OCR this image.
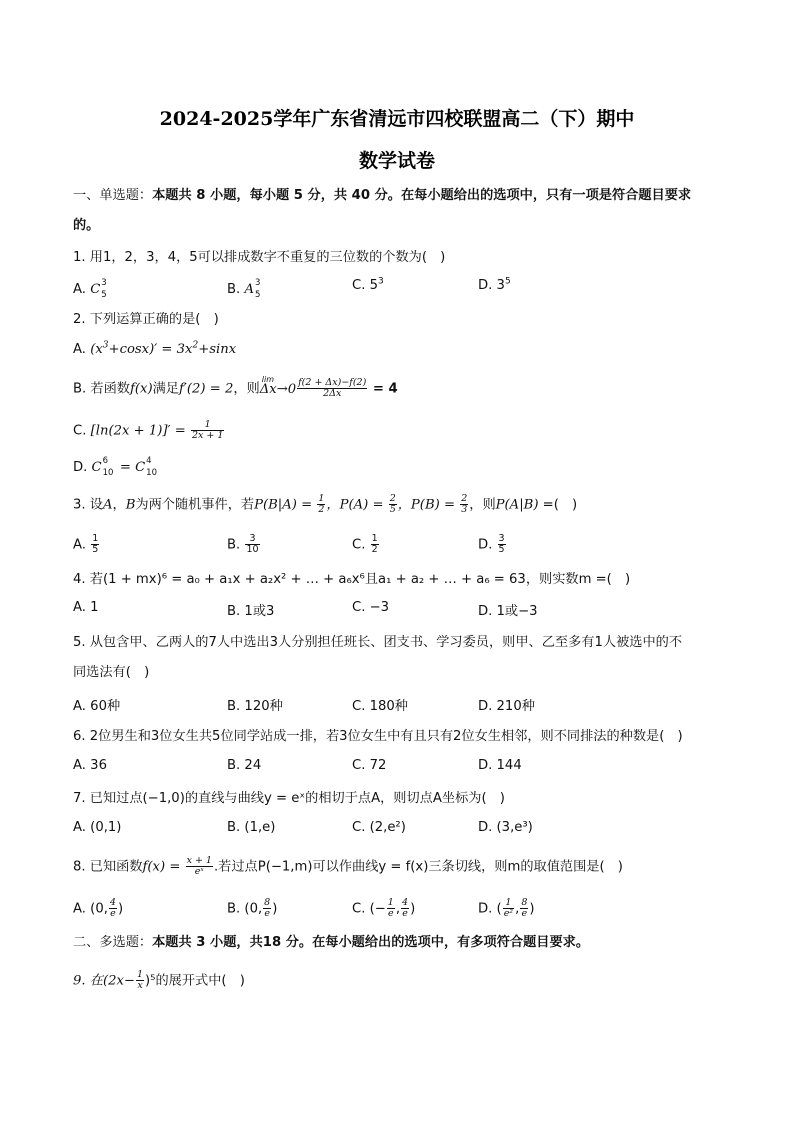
2024-2025学年广东省清远市四校联盟高二（下）期中
数学试卷
一、单选题：本题共 8 小题，每小题 5 分，共 40 分。在每小题给出的选项中，只有一项是符合题目要求
的。
1. 用1，2，3，4，5可以排成数字不重复的三位数的个数为(　)
A. C 3
5	B. A 3
5
C. $5^3$	D. $3^5$
2. 下列运算正确的是(　)
A. $(x^3+\cos x)' = 3x^2+\sin x$
B. 若函数f(x)满足f′(2) = 2，则
lim
$\Delta x\to 0 \frac{f(2 + \Delta x)-f(2)}{2\Delta x} = 4$
C. $[\ln(2x + 1)]' = \frac{1}{2x + 1}$
D. C 6
10 = C 4
10
3. 设A，B为两个随机事件，若$P(B|A) = \frac{1}{2}$ ，$P(A) = \frac{2}{5}$ ，$P(B) = \frac{2}{3}$ ，则P(A|B) =(　)
A. $\frac{1}{5}$	B. $\frac{3}{10}$	C. $\frac{1}{2}$	D. $\frac{3}{5}$
4. 若(1 + mx)⁶ = a₀ + a₁x + a₂x² + … + a₆x⁶且a₁ + a₂ + … + a₆ = 63，则实数m =(　)
A. 1	B. 1或3	C. −3	D. 1或−3
5. 从包含甲、乙两人的7人中选出3人分别担任班长、团支书、学习委员，则甲、乙至多有1人被选中的不
同选法有(　)
A. 60种	B. 120种	C. 180种	D. 210种
6. 2位男生和3位女生共5位同学站成一排，若3位女生中有且只有2位女生相邻，则不同排法的种数是(　)
A. 36	B. 24	C. 72	D. 144
7. 已知过点(−1,0)的直线与曲线y = eˣ的相切于点A，则切点A坐标为(　)
A. (0,1)	B. (1,e)	C. (2,e²)	D. (3,e³)
8. 已知函数$f(x) = \frac{x + 1}{\text{eˣ}}$ .若过点P(−1,m)可以作曲线y = f(x)三条切线，则m的取值范围是(　)
A. (0, $\frac{4}{e}$ )	B. (0, $\frac{8}{e}$ )	C. (− $\frac{1}{e}$ , $\frac{4}{e}$ )	D. ( $\frac{1}{\text{e²}}$ , $\frac{8}{e}$ )
二、多选题：本题共 3 小题，共18 分。在每小题给出的选项中，有多项符合题目要求。
9. 在$(2x- \frac{1}{x} )^5$的展开式中(　)
